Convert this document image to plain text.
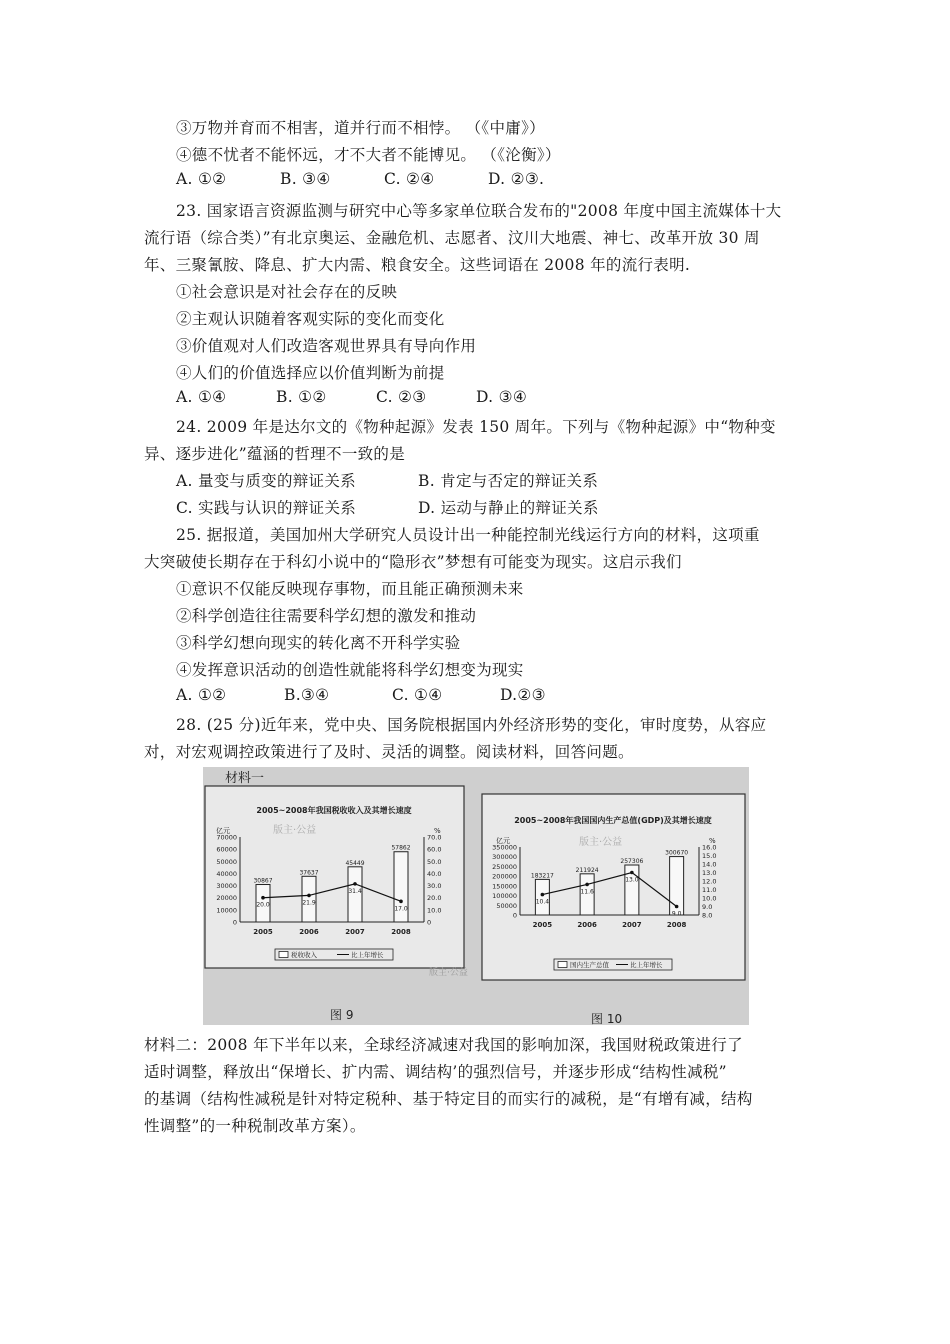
③万物并育而不相害，道并行而不相悖。 （《中庸》）
④德不忧者不能怀远，才不大者不能博见。 （《沦衡》）
A. ①②	B. ③④	C. ②④	D. ②③.
23. 国家语言资源监测与研究中心等多家单位联合发布的"2008 年度中国主流媒体十大
流行语（综合类）”有北京奥运、金融危机、志愿者、汶川大地震、神七、改革开放 30 周
年、三聚氰胺、降息、扩大内需、粮食安全。这些词语在 2008 年的流行表明.
①社会意识是对社会存在的反映
②主观认识随着客观实际的变化而变化
③价值观对人们改造客观世界具有导向作用
④人们的价值选择应以价值判断为前提
A. ①④	B. ①②	C. ②③	D. ③④
24. 2009 年是达尔文的《物种起源》发表 150 周年。下列与《物种起源》中“物种变
异、逐步进化”蕴涵的哲理不一致的是
A. 量变与质变的辩证关系	B. 肯定与否定的辩证关系
C. 实践与认识的辩证关系	D. 运动与静止的辩证关系
25. 据报道，美国加州大学研究人员设计出一种能控制光线运行方向的材料，这项重
大突破使长期存在于科幻小说中的“隐形衣”梦想有可能变为现实。这启示我们
①意识不仅能反映现存事物，而且能正确预测未来
②科学创造往往需要科学幻想的激发和推动
③科学幻想向现实的转化离不开科学实验
④发挥意识活动的创造性就能将科学幻想变为现实
A. ①②	B.③④	C. ①④	D.②③
28. (25 分)近年来，党中央、国务院根据国内外经济形势的变化，审时度势，从容应
对，对宏观调控政策进行了及时、灵活的调整。阅读材料，回答问题。
材料一
版主·公益
版主·公益
版主·公益
图 9	图 10
2005~2008年我国税收收入及其增长速度
亿元	%
0
10000
20000
30000
40000
50000
60000
70000
0
10.0
20.0
30.0
40.0
50.0
60.0
70.0
30867
2005
37637
2006
45449
2007
57862
2008
20.0	21.9
31.4
17.0
税收收入	比上年增长
2005~2008年我国国内生产总值(GDP)及其增长速度
亿元	%
0
50000
100000
150000
200000
250000
300000
350000
8.0
9.0
10.0
11.0
12.0
13.0
14.0
15.0
16.0
183217
2005
211924
2006
257306
2007
300670
2008
10.4
11.6
13.0
9.0
国内生产总值	比上年增长
材料二：2008 年下半年以来，全球经济减速对我国的影响加深，我国财税政策进行了
适时调整，释放出“保增长、扩内需、调结构’的强烈信号，并逐步形成“结构性减税”
的基调（结构性减税是针对特定税种、基于特定目的而实行的减税，是“有增有减，结构
性调整”的一种税制改革方案）。
